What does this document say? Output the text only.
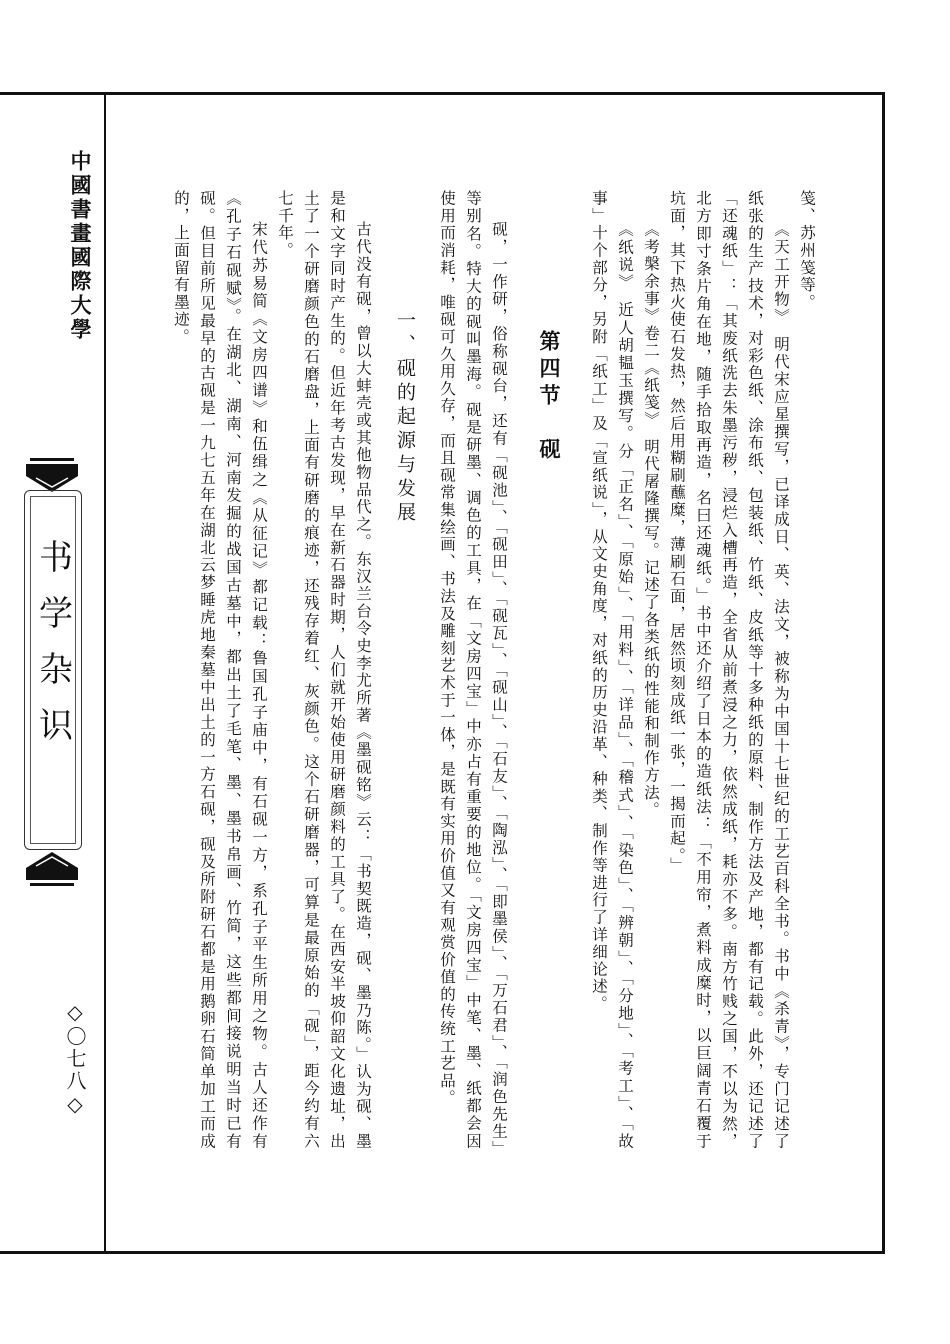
中國書畫國際大學
书学杂识
◇〇七八◇

笺、苏州笺等。

《天工开物》　明代宋应星撰写，已译成日、英、法文，被称为中国十七世纪的工艺百科全书。书中《杀青》，专门记述了纸张的生产技术，对彩色纸、涂布纸、包装纸、竹纸、皮纸等十多种纸的原料、制作方法及产地，都有记载。此外，还记述了「还魂纸」：「其废纸洗去朱墨污秽，浸烂入槽再造，全省从前煮浸之力，依然成纸，耗亦不多。南方竹贱之国，不以为然，北方即寸条片角在地，随手拾取再造，名曰还魂纸。」书中还介绍了日本的造纸法：「不用帘，煮料成糜时，以巨阔青石覆于坑面，其下热火使石发热，然后用糊刷蘸糜，薄刷石面，居然顷刻成纸一张，一揭而起。」

《考槃余事》卷二《纸笺》　明代屠隆撰写。记述了各类纸的性能和制作方法。

《纸说》　近人胡韫玉撰写。分「正名」、「原始」、「用料」、「详品」、「稽式」、「染色」、「辨朝」、「分地」、「考工」、「故事」十个部分，另附「纸工」及「宣纸说」，从文史角度，对纸的历史沿革、种类、制作等进行了详细论述。

第四节　砚

砚，一作研，俗称砚台，还有「砚池」、「砚田」、「砚瓦」、「砚山」、「石友」、「陶泓」、「即墨侯」、「万石君」、「润色先生」等别名。特大的砚叫墨海。砚是研墨、调色的工具，在「文房四宝」中亦占有重要的地位。「文房四宝」中笔、墨、纸都会因使用而消耗，唯砚可久用久存，而且砚常集绘画、书法及雕刻艺术于一体，是既有实用价值又有观赏价值的传统工艺品。

一、砚的起源与发展

古代没有砚，曾以大蚌壳或其他物品代之。东汉兰台令史李尤所著《墨砚铭》云：「书契既造，砚、墨乃陈。」认为砚、墨是和文字同时产生的。但近年考古发现，早在新石器时期，人们就开始使用研磨颜料的工具了。在西安半坡仰韶文化遗址，出土了一个研磨颜色的石磨盘，上面有研磨的痕迹，还残存着红、灰颜色。这个石研磨器，可算是最原始的「砚」，距今约有六七千年。

宋代苏易简《文房四谱》和伍缉之《从征记》都记载：鲁国孔子庙中，有石砚一方，系孔子平生所用之物。古人还作有《孔子石砚赋》。在湖北、湖南、河南发掘的战国古墓中，都出土了毛笔、墨、墨书帛画、竹简，这些都间接说明当时已有砚。但目前所见最早的古砚是一九七五年在湖北云梦睡虎地秦墓中出土的一方石砚，砚及所附研石都是用鹅卵石简单加工而成的，上面留有墨迹。
